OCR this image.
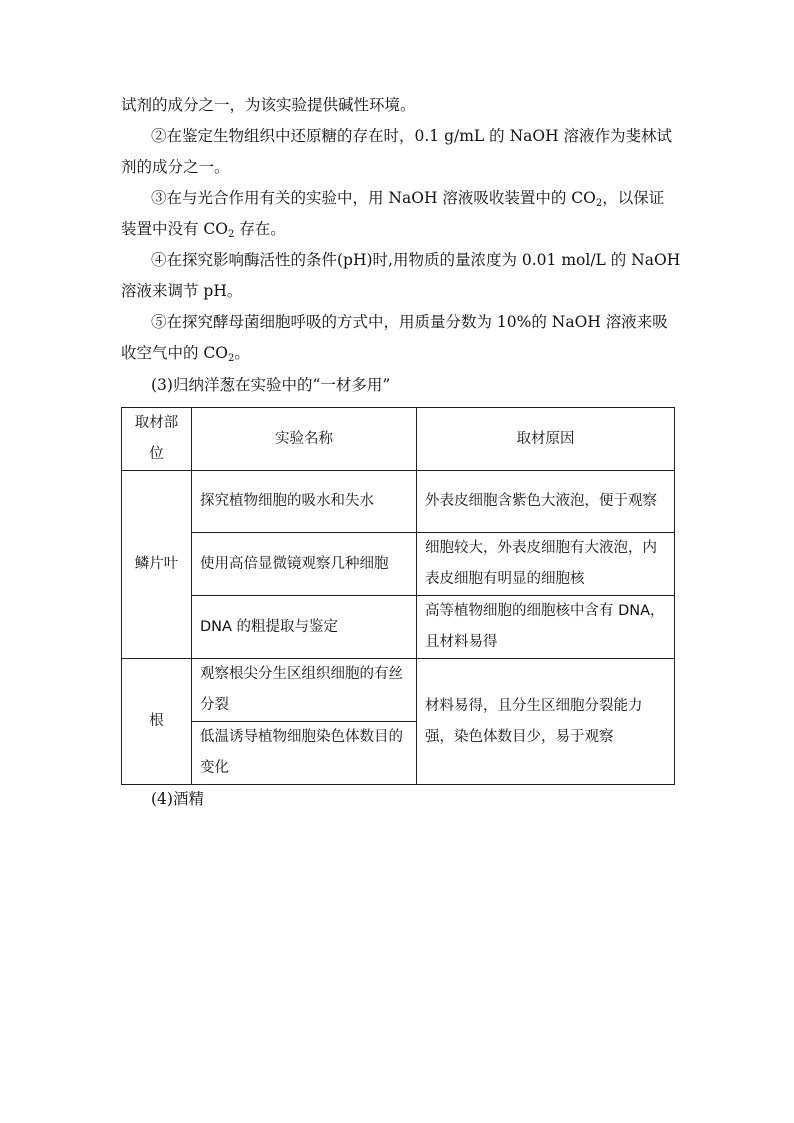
试剂的成分之一，为该实验提供碱性环境。
②在鉴定生物组织中还原糖的存在时，0.1 g/mL 的 NaOH 溶液作为斐林试
剂的成分之一。
③在与光合作用有关的实验中，用 NaOH 溶液吸收装置中的 $CO_2$，以保证
装置中没有 $CO_2$ 存在。
④在探究影响酶活性的条件(pH)时,用物质的量浓度为 0.01 mol/L 的 NaOH
溶液来调节 pH。
⑤在探究酵母菌细胞呼吸的方式中，用质量分数为 10%的 NaOH 溶液来吸
收空气中的 $CO_2$。
(3)归纳洋葱在实验中的“一材多用”
取材部位	实验名称	取材原因
鳞片叶	探究植物细胞的吸水和失水	外表皮细胞含紫色大液泡，便于观察
	使用高倍显微镜观察几种细胞	细胞较大，外表皮细胞有大液泡，内表皮细胞有明显的细胞核
	DNA 的粗提取与鉴定	高等植物细胞的细胞核中含有 DNA，且材料易得
根	观察根尖分生区组织细胞的有丝分裂	材料易得，且分生区细胞分裂能力强，染色体数目少，易于观察
	低温诱导植物细胞染色体数目的变化	
(4)酒精
